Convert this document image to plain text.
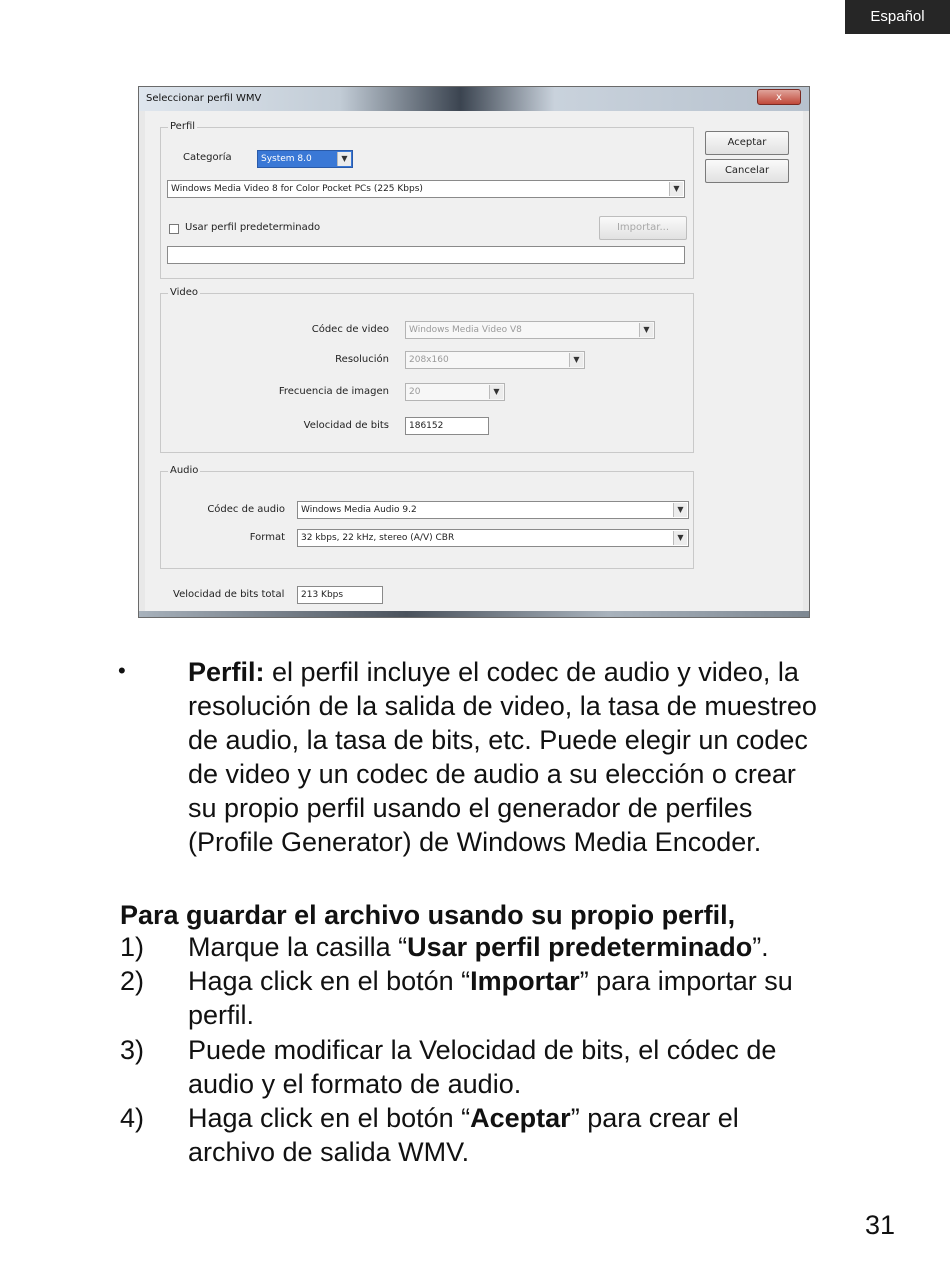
Español
Seleccionar perfil WMV	x
Perfil
Categoría	System 8.0	▼
Windows Media Video 8 for Color Pocket PCs (225 Kbps)	▼
Usar perfil predeterminado	Importar...
Video
Códec de video	Windows Media Video V8	▼
Resolución	208x160	▼
Frecuencia de imagen	20	▼
Velocidad de bits	186152
Audio
Códec de audio	Windows Media Audio 9.2	▼
Format	32 kbps, 22 kHz, stereo (A/V) CBR	▼
Velocidad de bits total	213 Kbps
Aceptar
Cancelar
• Perfil: el perfil incluye el codec de audio y video, la
resolución de la salida de video, la tasa de muestreo
de audio, la tasa de bits, etc. Puede elegir un codec
de video y un codec de audio a su elección o crear
su propio perfil usando el generador de perfiles
(Profile Generator) de Windows Media Encoder.
Para guardar el archivo usando su propio perfil,
1) Marque la casilla “Usar perfil predeterminado”.
2) Haga click en el botón “Importar” para importar su
perfil.
3) Puede modificar la Velocidad de bits, el códec de
audio y el formato de audio.
4) Haga click en el botón “Aceptar” para crear el
archivo de salida WMV.
31
